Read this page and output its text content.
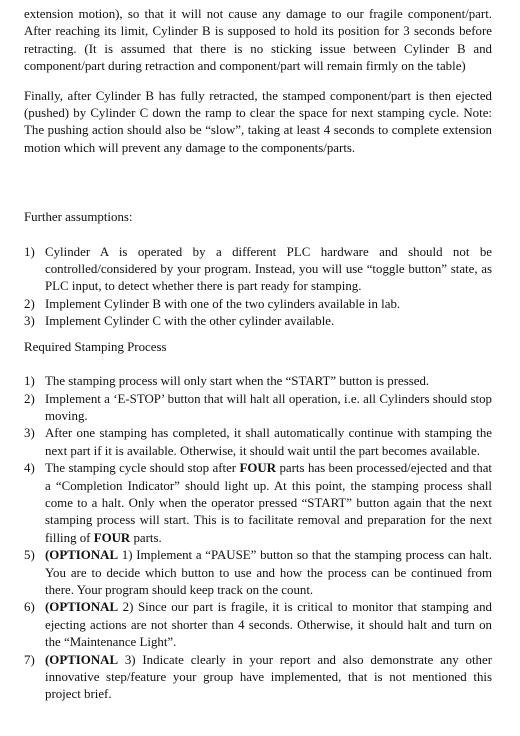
extension motion), so that it will not cause any damage to our fragile component/part. After reaching its limit, Cylinder B is supposed to hold its position for 3 seconds before retracting. (It is assumed that there is no sticking issue between Cylinder B and component/part during retraction and component/part will remain firmly on the table)

Finally, after Cylinder B has fully retracted, the stamped component/part is then ejected (pushed) by Cylinder C down the ramp to clear the space for next stamping cycle. Note: The pushing action should also be “slow”, taking at least 4 seconds to complete extension motion which will prevent any damage to the components/parts.

Further assumptions:

1) Cylinder A is operated by a different PLC hardware and should not be controlled/considered by your program. Instead, you will use “toggle button” state, as PLC input, to detect whether there is part ready for stamping.
2) Implement Cylinder B with one of the two cylinders available in lab.
3) Implement Cylinder C with the other cylinder available.

Required Stamping Process

1) The stamping process will only start when the “START” button is pressed.
2) Implement a ‘E-STOP’ button that will halt all operation, i.e. all Cylinders should stop moving.
3) After one stamping has completed, it shall automatically continue with stamping the next part if it is available. Otherwise, it should wait until the part becomes available.
4) The stamping cycle should stop after FOUR parts has been processed/ejected and that a “Completion Indicator” should light up. At this point, the stamping process shall come to a halt. Only when the operator pressed “START” button again that the next stamping process will start. This is to facilitate removal and preparation for the next filling of FOUR parts.
5) (OPTIONAL 1) Implement a “PAUSE” button so that the stamping process can halt. You are to decide which button to use and how the process can be continued from there. Your program should keep track on the count.
6) (OPTIONAL 2) Since our part is fragile, it is critical to monitor that stamping and ejecting actions are not shorter than 4 seconds. Otherwise, it should halt and turn on the “Maintenance Light”.
7) (OPTIONAL 3) Indicate clearly in your report and also demonstrate any other innovative step/feature your group have implemented, that is not mentioned this project brief.
